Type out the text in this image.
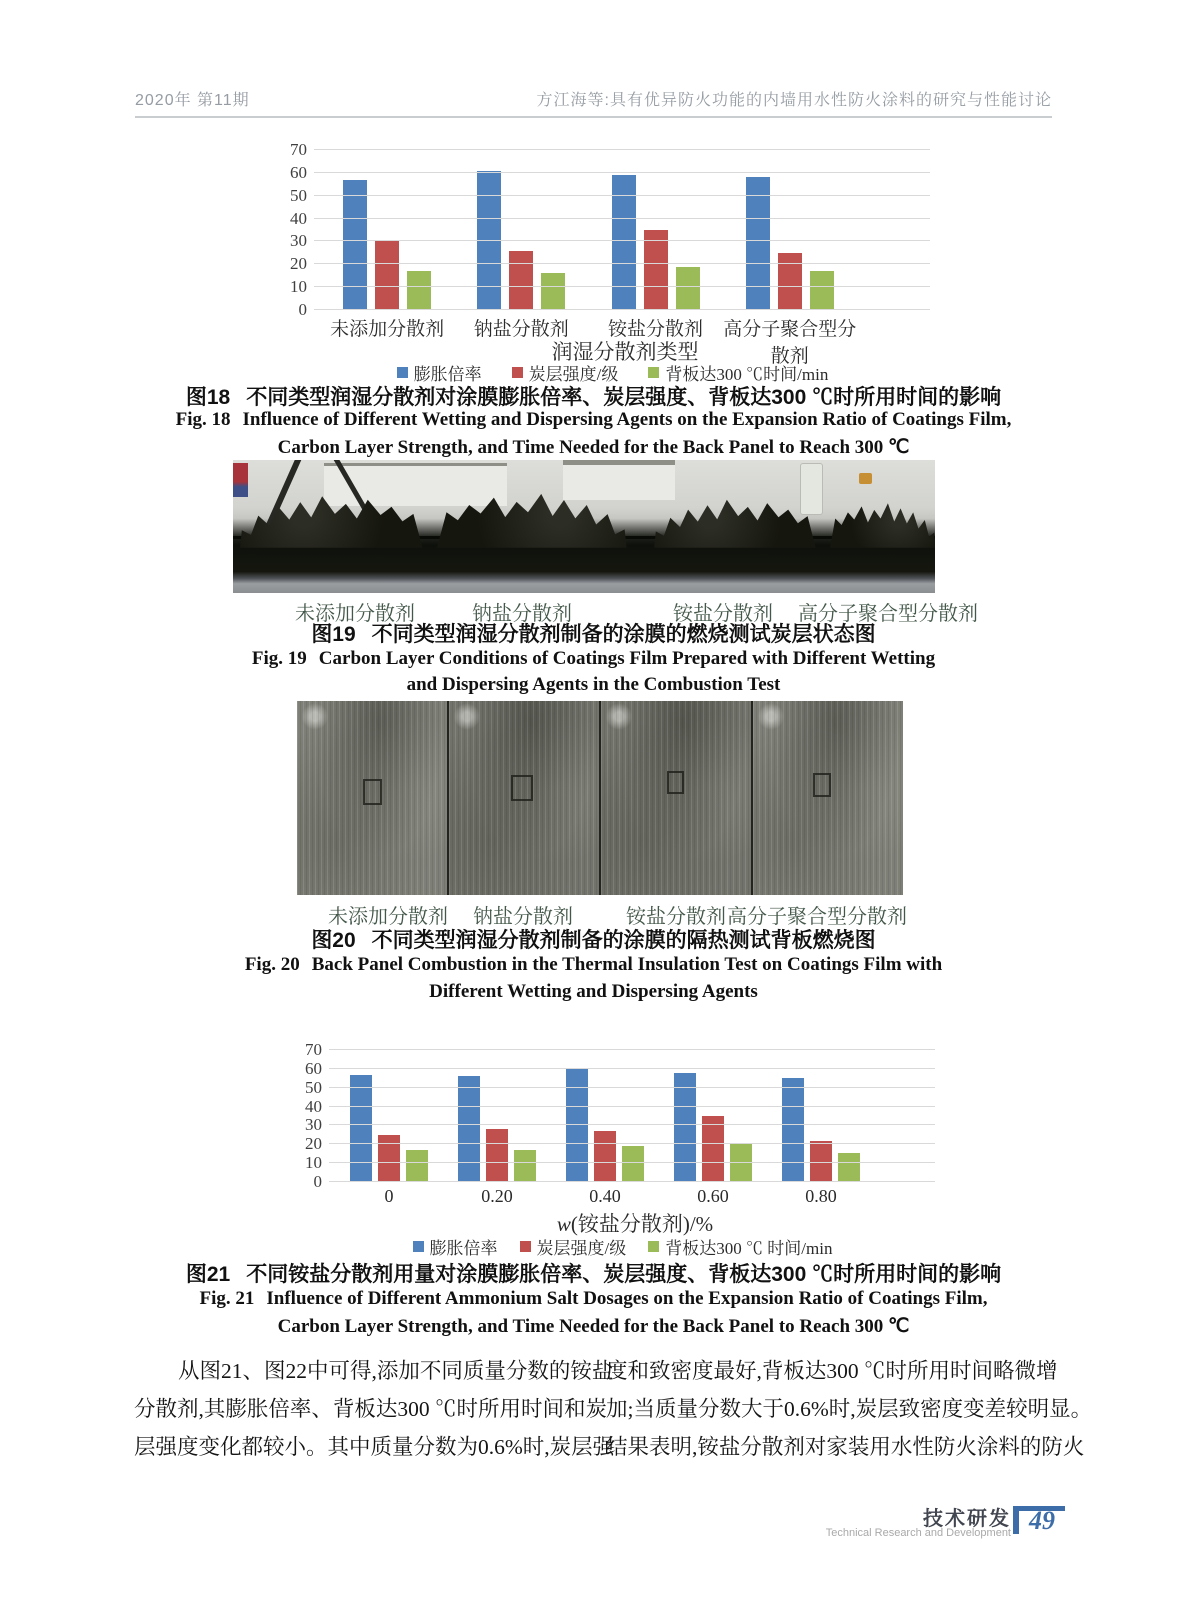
2020年 第11期	方江海等:具有优异防火功能的内墙用水性防火涂料的研究与性能讨论
0
10
20
30
40
50
60
70
未添加分散剂	钠盐分散剂	铵盐分散剂	高分子聚合型分散剂
润湿分散剂类型
膨胀倍率	炭层强度/级	背板达300 ℃时间/min
图18 不同类型润湿分散剂对涂膜膨胀倍率、炭层强度、背板达300 ℃时所用时间的影响
Fig. 18 Influence of Different Wetting and Dispersing Agents on the Expansion Ratio of Coatings Film,
Carbon Layer Strength, and Time Needed for the Back Panel to Reach 300 ℃
未添加分散剂	钠盐分散剂	铵盐分散剂 高分子聚合型分散剂
图19 不同类型润湿分散剂制备的涂膜的燃烧测试炭层状态图
Fig. 19 Carbon Layer Conditions of Coatings Film Prepared with Different Wetting
and Dispersing Agents in the Combustion Test
未添加分散剂 钠盐分散剂	铵盐分散剂 高分子聚合型分散剂
图20 不同类型润湿分散剂制备的涂膜的隔热测试背板燃烧图
Fig. 20 Back Panel Combustion in the Thermal Insulation Test on Coatings Film with
Different Wetting and Dispersing Agents
0
10
20
30
40
50
60
70
0	0.20	0.40	0.60	0.80
w(铵盐分散剂)/%
膨胀倍率 炭层强度/级 背板达300 ℃ 时间/min
图21 不同铵盐分散剂用量对涂膜膨胀倍率、炭层强度、背板达300 ℃时所用时间的影响
Fig. 21 Influence of Different Ammonium Salt Dosages on the Expansion Ratio of Coatings Film,
Carbon Layer Strength, and Time Needed for the Back Panel to Reach 300 ℃
从图21、图22中可得,添加不同质量分数的铵盐
分散剂,其膨胀倍率、背板达300 ℃时所用时间和炭
层强度变化都较小。其中质量分数为0.6%时,炭层强
度和致密度最好,背板达300 ℃时所用时间略微增
加;当质量分数大于0.6%时,炭层致密度变差较明显。
结果表明,铵盐分散剂对家装用水性防火涂料的防火
技术研发
Technical Research and Development 49
